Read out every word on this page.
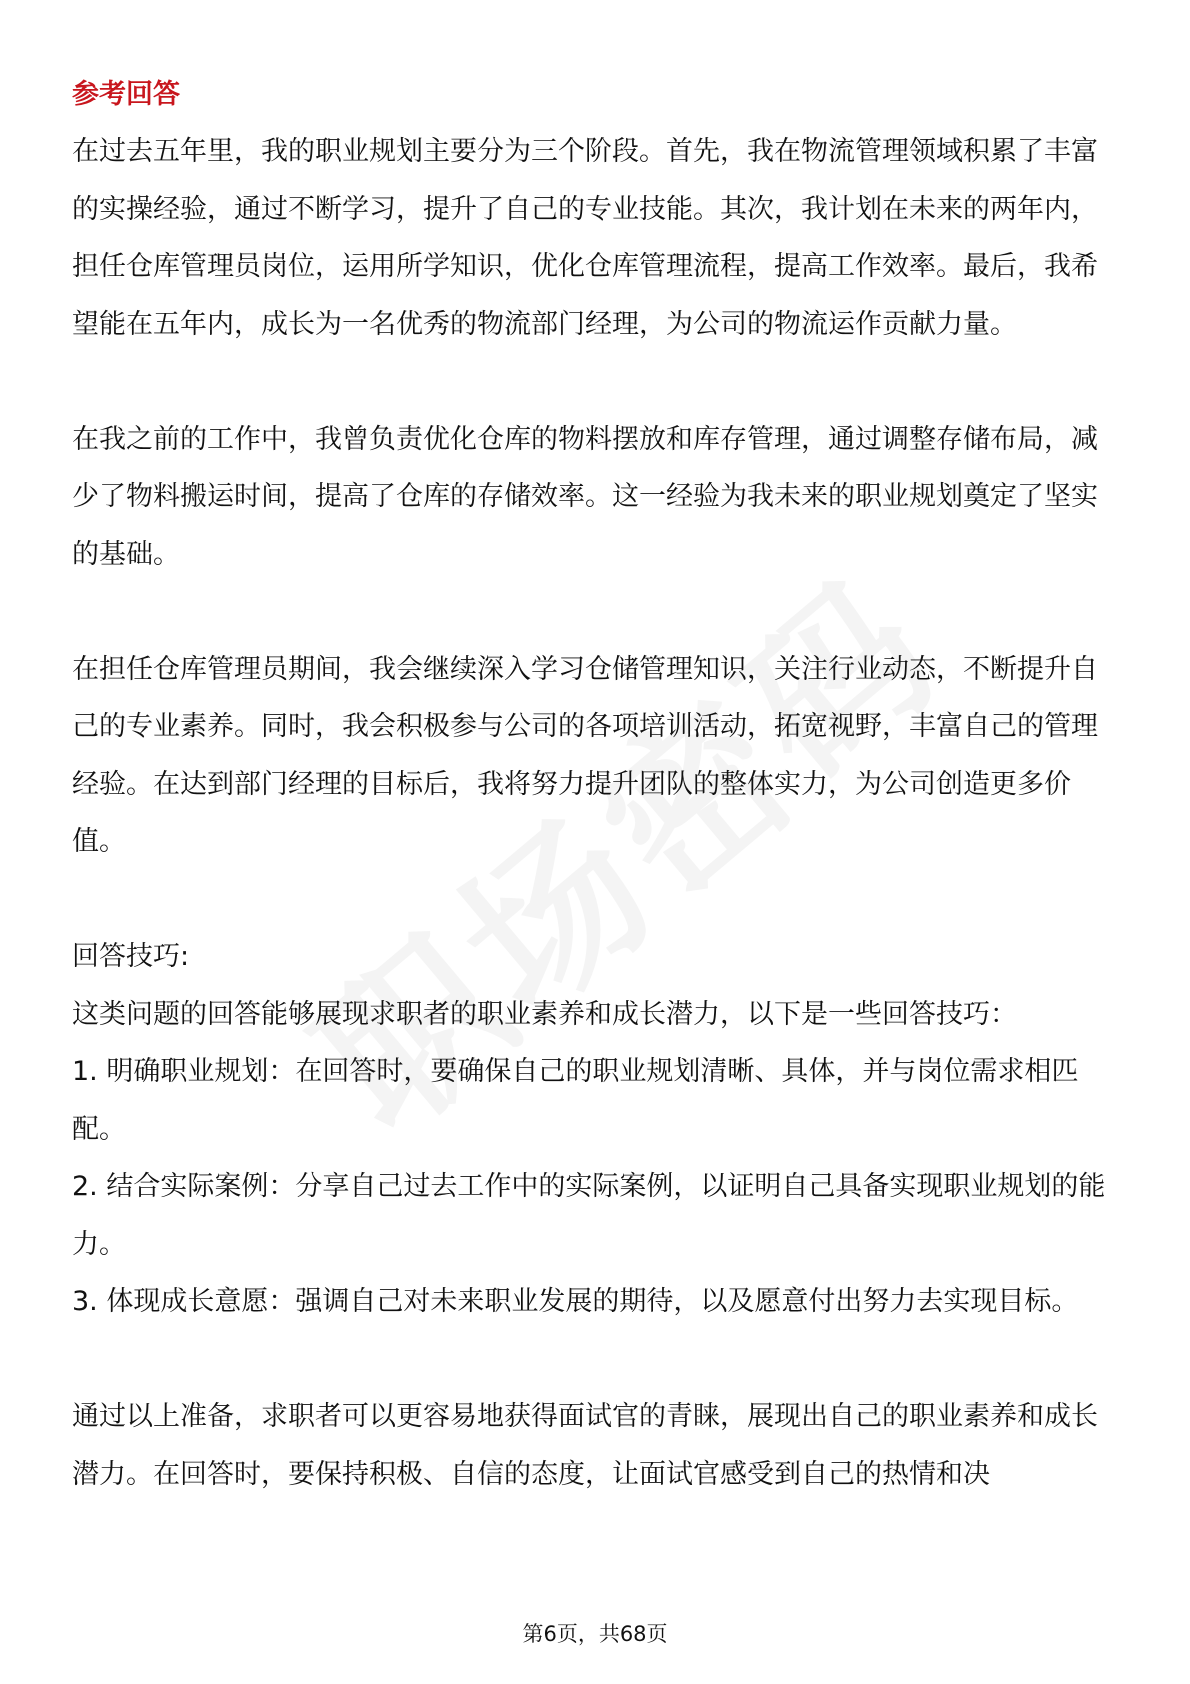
参考回答

在过去五年里，我的职业规划主要分为三个阶段。首先，我在物流管理领域积累了丰富的实操经验，通过不断学习，提升了自己的专业技能。其次，我计划在未来的两年内，担任仓库管理员岗位，运用所学知识，优化仓库管理流程，提高工作效率。最后，我希望能在五年内，成长为一名优秀的物流部门经理，为公司的物流运作贡献力量。

在我之前的工作中，我曾负责优化仓库的物料摆放和库存管理，通过调整存储布局，减少了物料搬运时间，提高了仓库的存储效率。这一经验为我未来的职业规划奠定了坚实的基础。

在担任仓库管理员期间，我会继续深入学习仓储管理知识，关注行业动态，不断提升自己的专业素养。同时，我会积极参与公司的各项培训活动，拓宽视野，丰富自己的管理经验。在达到部门经理的目标后，我将努力提升团队的整体实力，为公司创造更多价值。

回答技巧:

这类问题的回答能够展现求职者的职业素养和成长潜力，以下是一些回答技巧：

1. 明确职业规划：在回答时，要确保自己的职业规划清晰、具体，并与岗位需求相匹配。

2. 结合实际案例：分享自己过去工作中的实际案例，以证明自己具备实现职业规划的能力。

3. 体现成长意愿：强调自己对未来职业发展的期待，以及愿意付出努力去实现目标。

通过以上准备，求职者可以更容易地获得面试官的青睐，展现出自己的职业素养和成长潜力。在回答时，要保持积极、自信的态度，让面试官感受到自己的热情和决

第6页，共68页
